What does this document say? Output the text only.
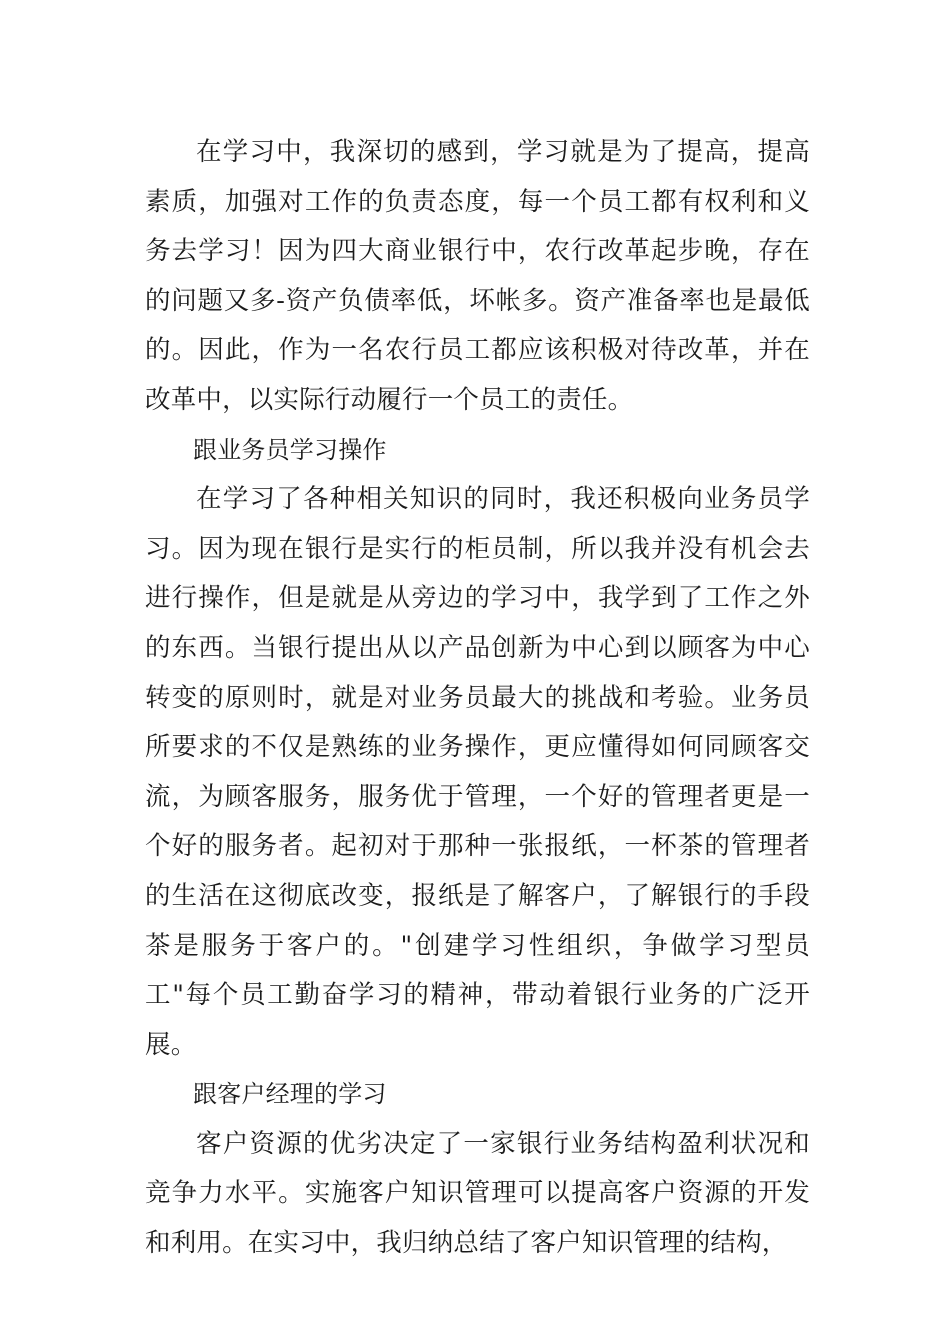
在学习中，我深切的感到，学习就是为了提高，提高素质，加强对工作的负责态度，每一个员工都有权利和义务去学习！因为四大商业银行中，农行改革起步晚，存在的问题又多-资产负债率低，坏帐多。资产准备率也是最低的。因此，作为一名农行员工都应该积极对待改革，并在改革中，以实际行动履行一个员工的责任。

跟业务员学习操作

在学习了各种相关知识的同时，我还积极向业务员学习。因为现在银行是实行的柜员制，所以我并没有机会去进行操作，但是就是从旁边的学习中，我学到了工作之外的东西。当银行提出从以产品创新为中心到以顾客为中心转变的原则时，就是对业务员最大的挑战和考验。业务员所要求的不仅是熟练的业务操作，更应懂得如何同顾客交流，为顾客服务，服务优于管理，一个好的管理者更是一个好的服务者。起初对于那种一张报纸，一杯茶的管理者的生活在这彻底改变，报纸是了解客户，了解银行的手段茶是服务于客户的。"创建学习性组织，争做学习型员工"每个员工勤奋学习的精神，带动着银行业务的广泛开展。

跟客户经理的学习

客户资源的优劣决定了一家银行业务结构盈利状况和竞争力水平。实施客户知识管理可以提高客户资源的开发和利用。在实习中，我归纳总结了客户知识管理的结构，
